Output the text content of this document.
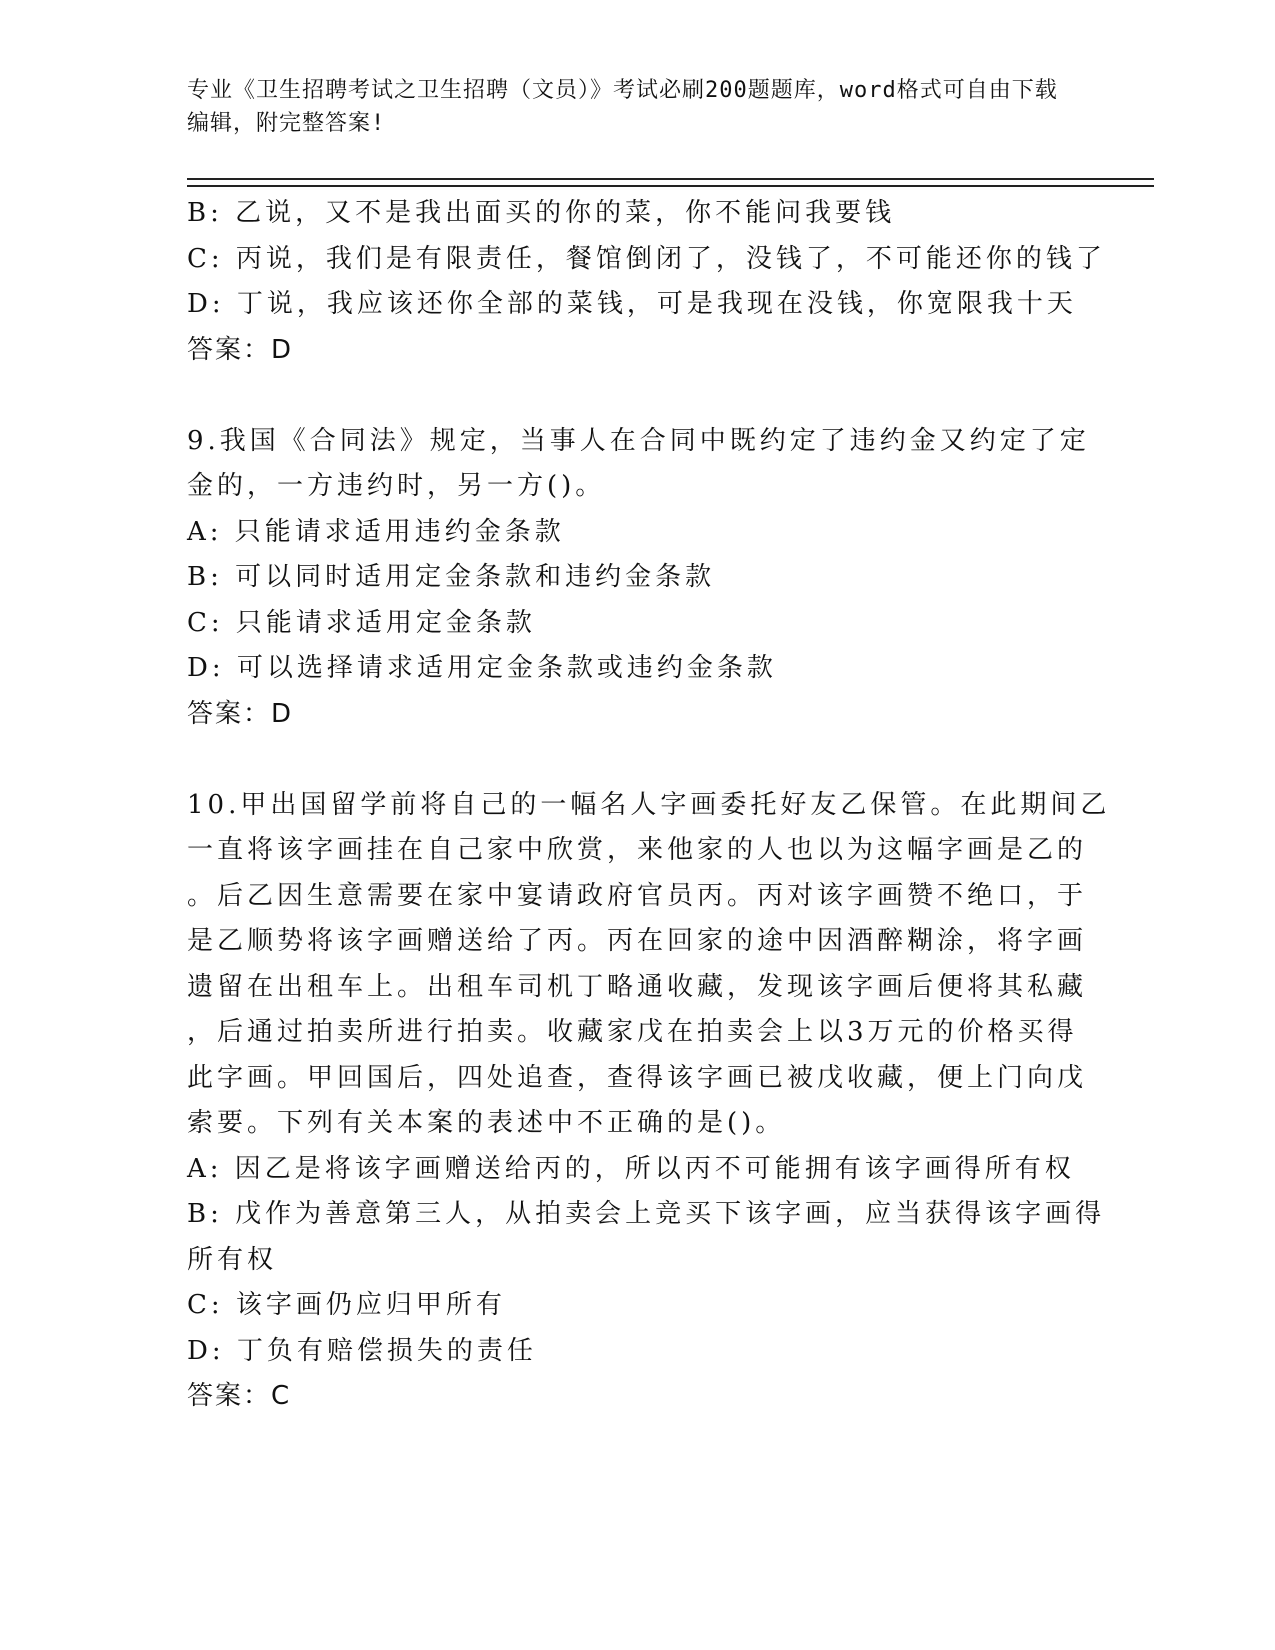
专业《卫生招聘考试之卫生招聘（文员）》考试必刷200题题库，word格式可自由下载编辑，附完整答案!
B: 乙说，又不是我出面买的你的菜，你不能问我要钱
C: 丙说，我们是有限责任，餐馆倒闭了，没钱了，不可能还你的钱了
D: 丁说，我应该还你全部的菜钱，可是我现在没钱，你宽限我十天
答案：D
9.我国《合同法》规定，当事人在合同中既约定了违约金又约定了定
金的，一方违约时，另一方()。
A: 只能请求适用违约金条款
B: 可以同时适用定金条款和违约金条款
C: 只能请求适用定金条款
D: 可以选择请求适用定金条款或违约金条款
答案：D
10.甲出国留学前将自己的一幅名人字画委托好友乙保管。在此期间乙
一直将该字画挂在自己家中欣赏，来他家的人也以为这幅字画是乙的
。后乙因生意需要在家中宴请政府官员丙。丙对该字画赞不绝口，于
是乙顺势将该字画赠送给了丙。丙在回家的途中因酒醉糊涂，将字画
遗留在出租车上。出租车司机丁略通收藏，发现该字画后便将其私藏
，后通过拍卖所进行拍卖。收藏家戊在拍卖会上以3万元的价格买得
此字画。甲回国后，四处追查，查得该字画已被戊收藏，便上门向戊
索要。下列有关本案的表述中不正确的是()。
A: 因乙是将该字画赠送给丙的，所以丙不可能拥有该字画得所有权
B: 戊作为善意第三人，从拍卖会上竞买下该字画，应当获得该字画得
所有权
C: 该字画仍应归甲所有
D: 丁负有赔偿损失的责任
答案：C
